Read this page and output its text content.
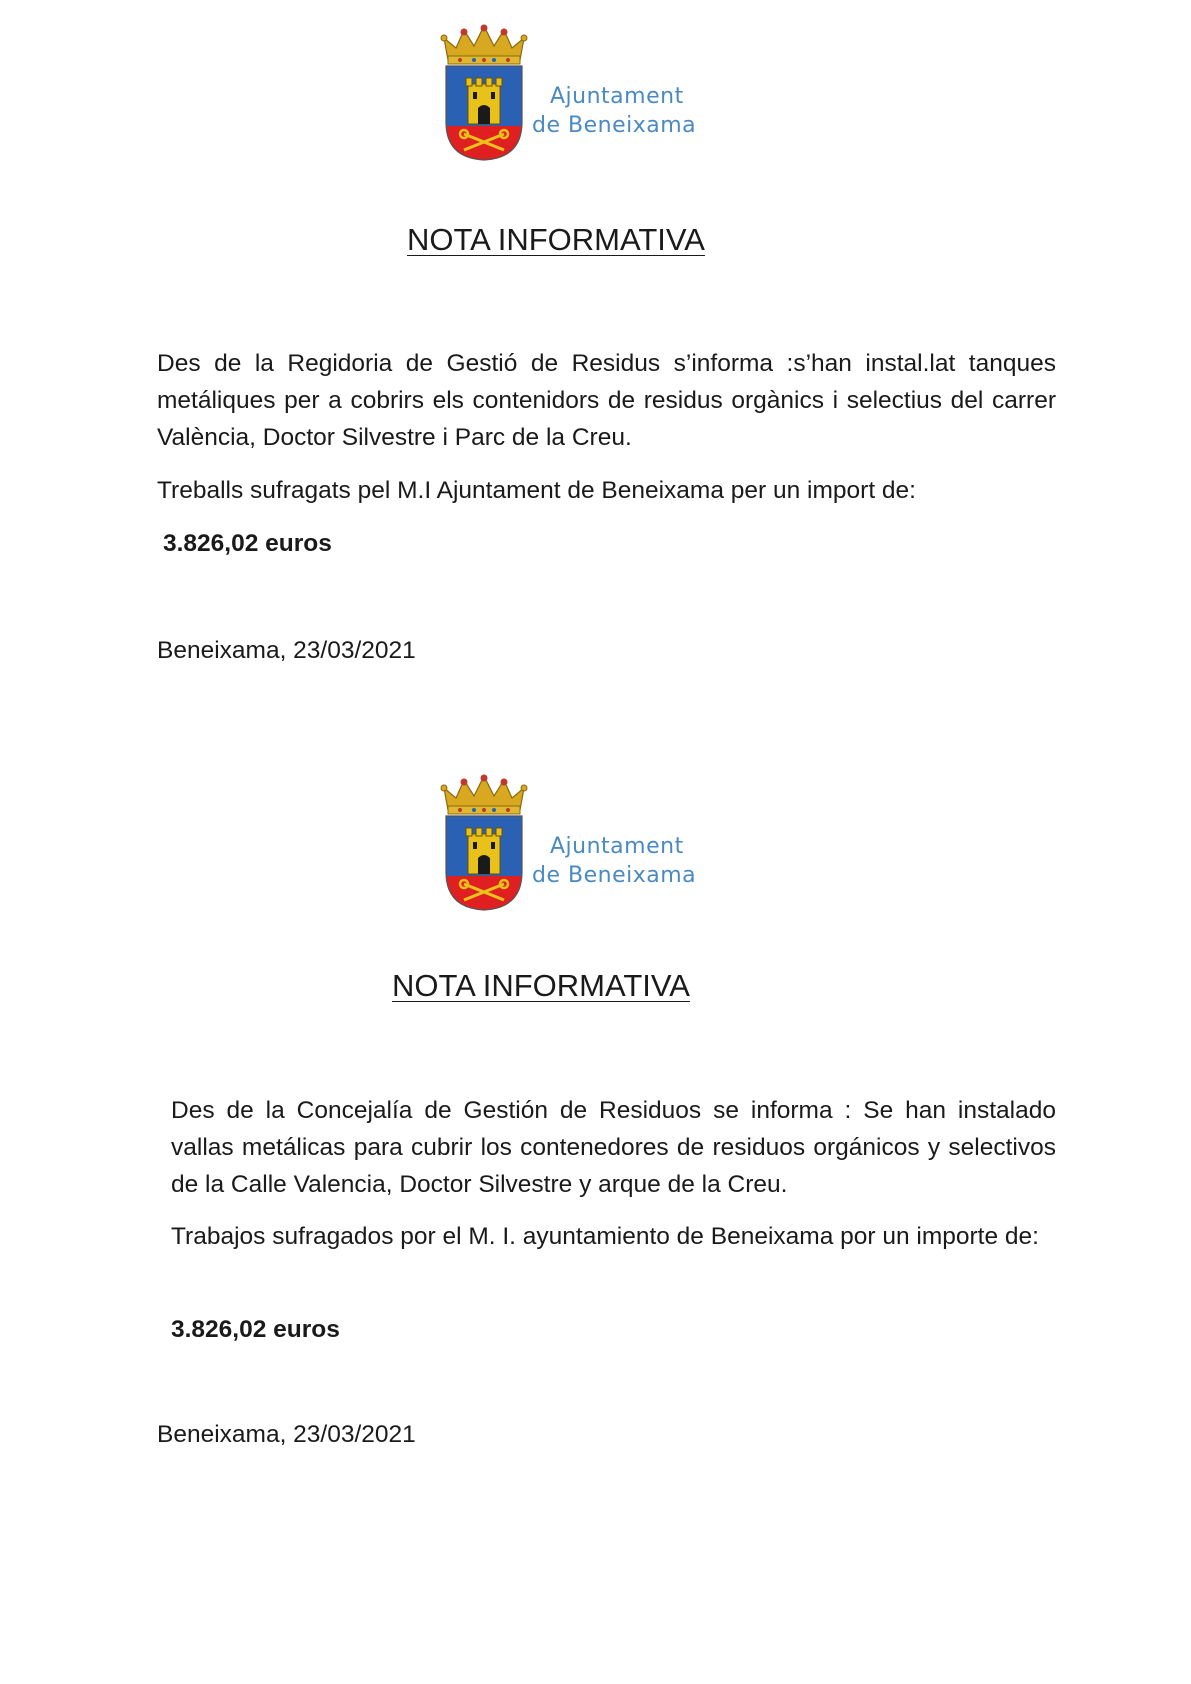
Ajuntament
de Beneixama
NOTA INFORMATIVA

Des de la Regidoria de Gestió de Residus s’informa :s’han instal.lat tanques metáliques per a cobrirs els contenidors de residus orgànics i selectius del carrer València, Doctor Silvestre i Parc de la Creu.

Treballs sufragats pel M.I Ajuntament de Beneixama per un import de:
3.826,02 euros
Beneixama, 23/03/2021
Ajuntament
de Beneixama
NOTA INFORMATIVA

Des de la Concejalía de Gestión de Residuos se informa : Se han instalado vallas metálicas para cubrir los contenedores de residuos orgánicos y selectivos de la Calle Valencia, Doctor Silvestre y arque de la Creu.

Trabajos sufragados por el M. I. ayuntamiento de Beneixama por un importe de:

3.826,02 euros
Beneixama, 23/03/2021
